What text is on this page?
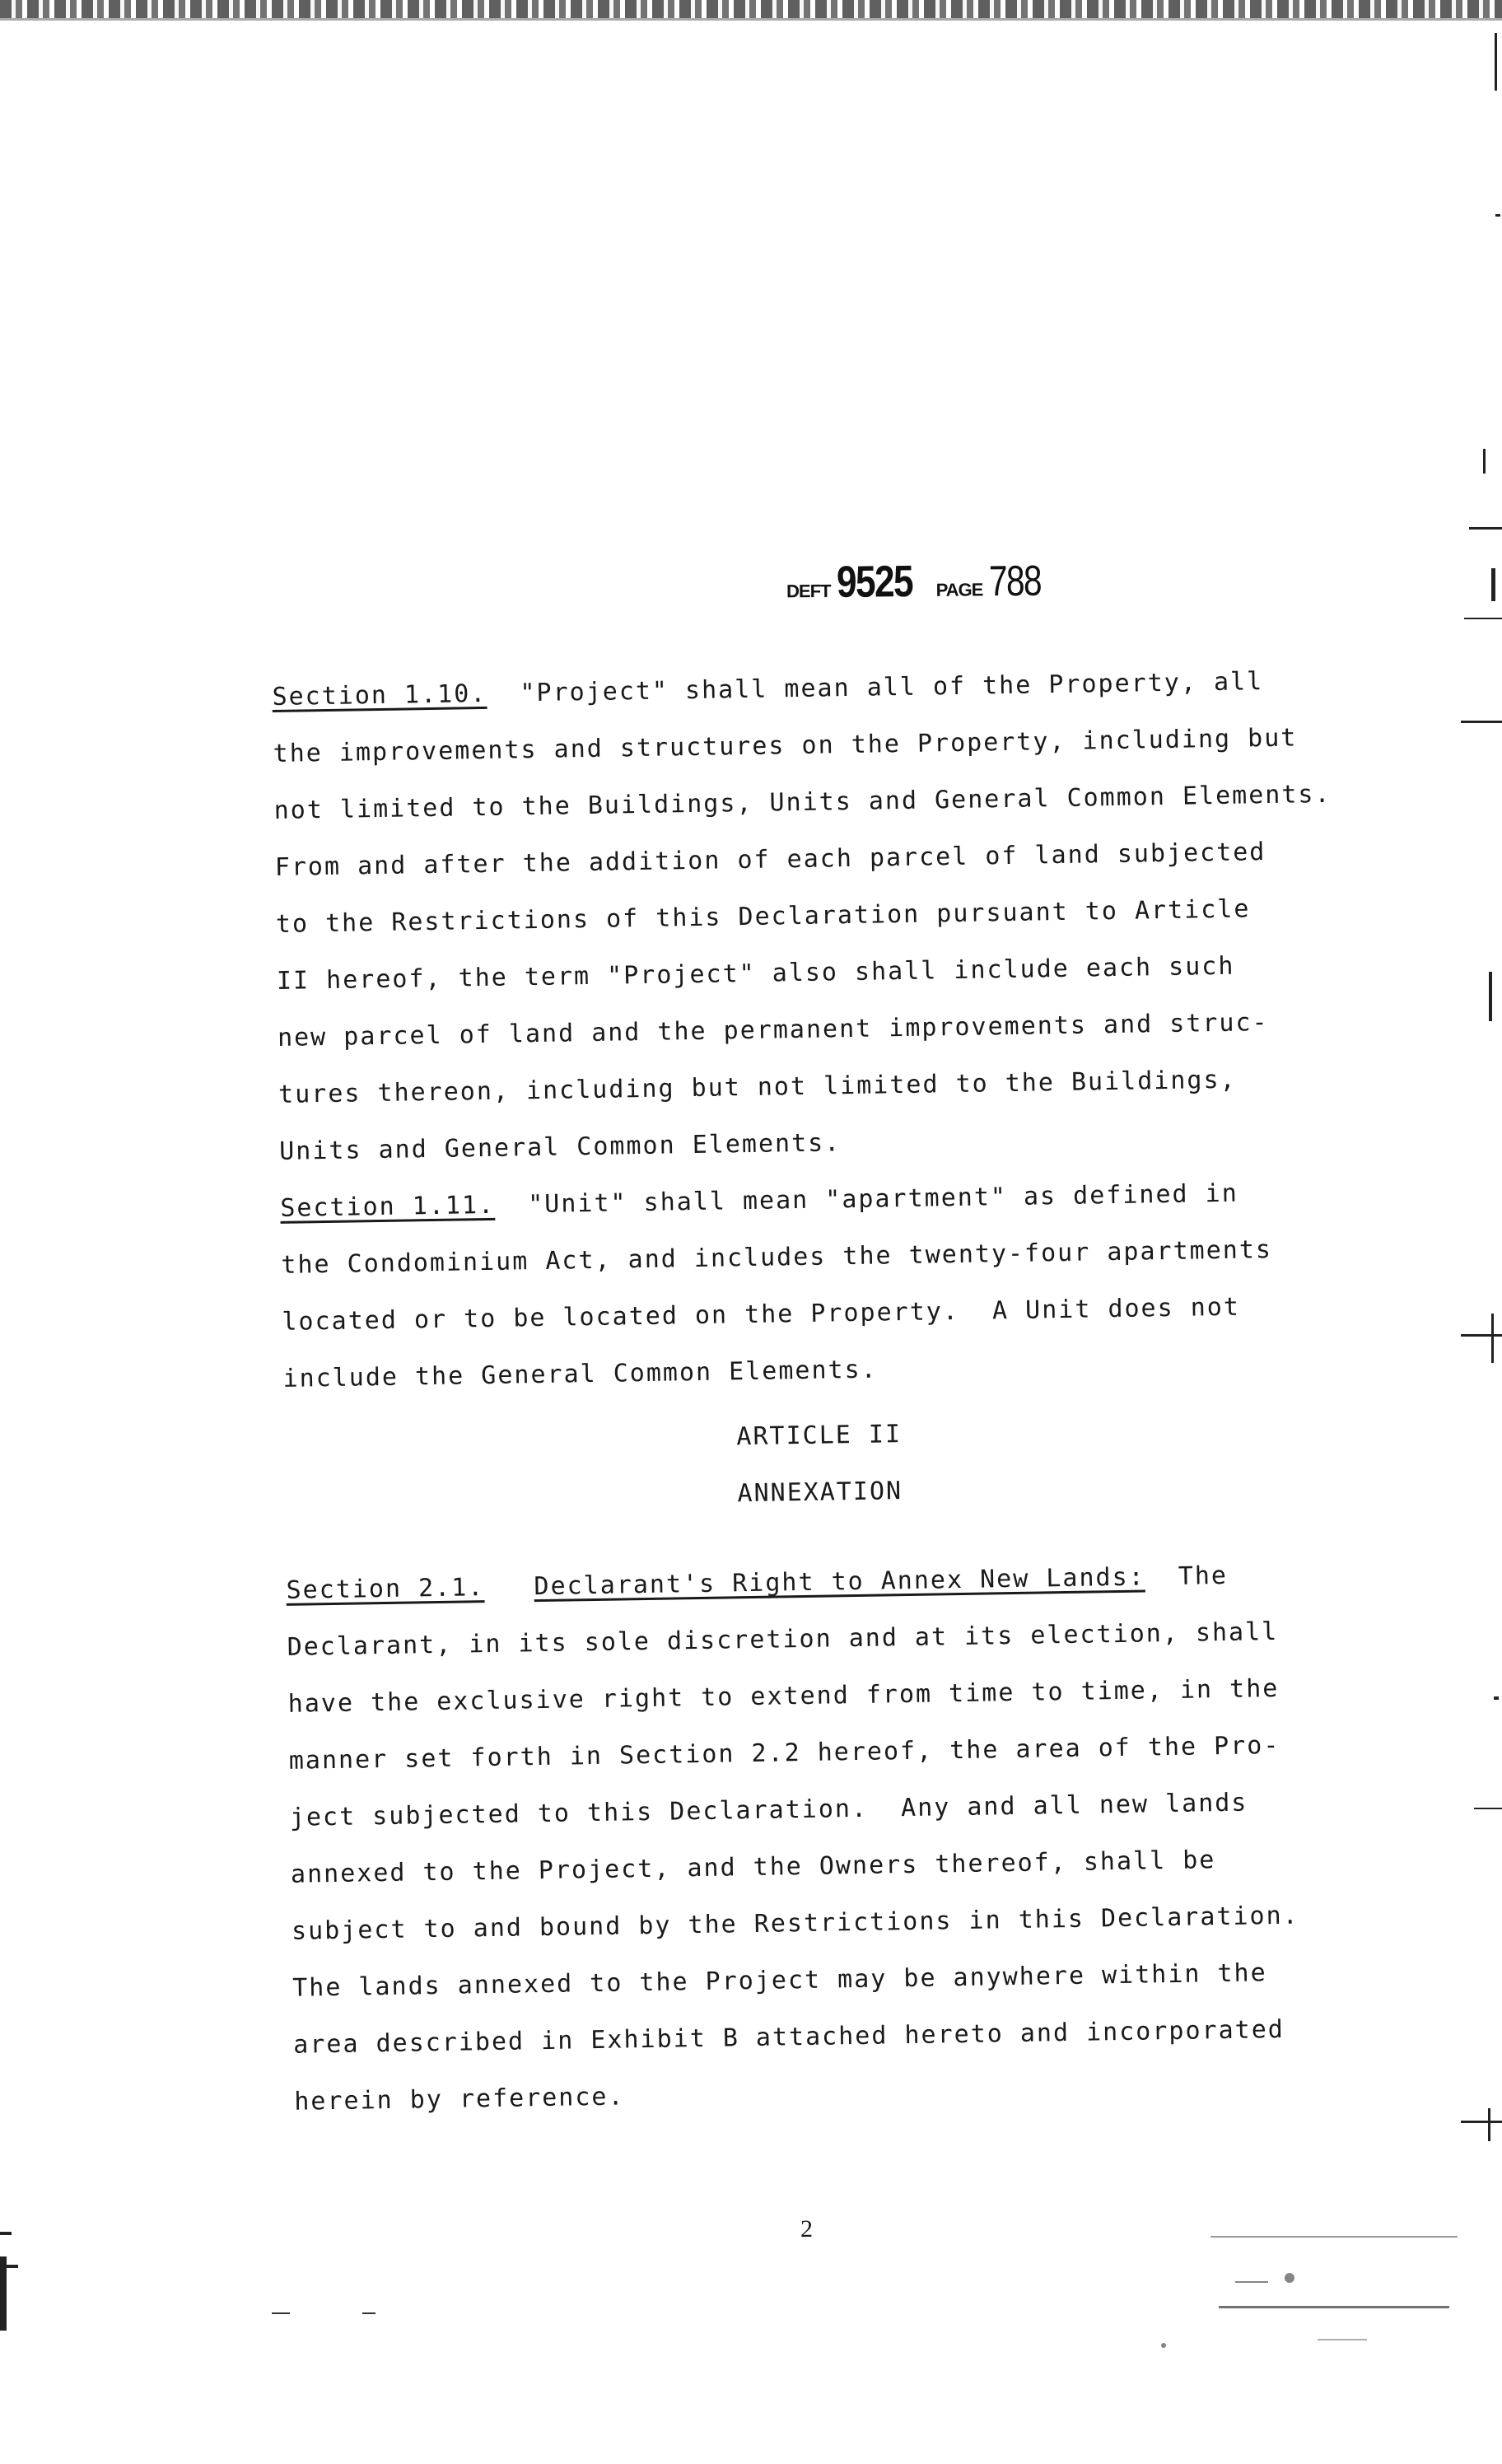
DEFT 9525 PAGE 788
Section 1.10.  "Project" shall mean all of the Property, all
the improvements and structures on the Property, including but
not limited to the Buildings, Units and General Common Elements.
From and after the addition of each parcel of land subjected
to the Restrictions of this Declaration pursuant to Article
II hereof, the term "Project" also shall include each such
new parcel of land and the permanent improvements and struc-
tures thereon, including but not limited to the Buildings,
Units and General Common Elements.
Section 1.11.  "Unit" shall mean "apartment" as defined in
the Condominium Act, and includes the twenty-four apartments
located or to be located on the Property.  A Unit does not
include the General Common Elements.
ARTICLE II
ANNEXATION
Section 2.1. Declarant's Right to Annex New Lands:  The
Declarant, in its sole discretion and at its election, shall
have the exclusive right to extend from time to time, in the
manner set forth in Section 2.2 hereof, the area of the Pro-
ject subjected to this Declaration.  Any and all new lands
annexed to the Project, and the Owners thereof, shall be
subject to and bound by the Restrictions in this Declaration.
The lands annexed to the Project may be anywhere within the
area described in Exhibit B attached hereto and incorporated
herein by reference.
2
